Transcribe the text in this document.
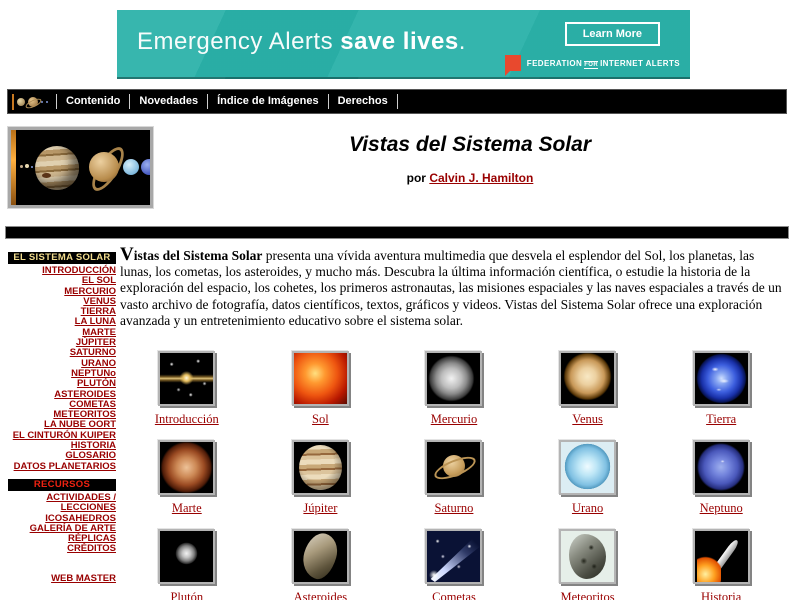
Emergency Alerts save lives.	Learn More
FEDERATION FOR INTERNET ALERTS
Contenido	Novedades	Índice de Imágenes	Derechos
Vistas del Sistema Solar
por Calvin J. Hamilton
EL SISTEMA SOLAR
INTRODUCCIÓN
EL SOL
MERCURIO
VENUS
TIERRA
LA LUNA
MARTE
JÚPITER
SATURNO
URANO
NEPTUNo
PLUTÓN
ASTEROIDES
COMETAS
METEORITOS
LA NUBE OORT
EL CINTURÓN KUIPER
HISTORIA
GLOSARIO
DATOS PLANETARIOS
RECURSOS
ACTIVIDADES / LECCIONES
ICOSAHEDROS
GALERÍA DE ARTE
RÉPLICAS
CRÉDITOS
WEB MASTER

Vistas del Sistema Solar presenta una vívida aventura multimedia que desvela el esplendor del Sol, los planetas, las lunas, los cometas, los asteroides, y mucho más. Descubra la última información científica, o estudie la historia de la exploración del espacio, los cohetes, los primeros astronautas, las misiones espaciales y las naves espaciales a través de un vasto archivo de fotografía, datos científicos, textos, gráficos y videos. Vistas del Sistema Solar ofrece una exploración avanzada y un entretenimiento educativo sobre el sistema solar.

Introducción	Sol	Mercurio	Venus	Tierra
Marte	Júpiter	Saturno	Urano	Neptuno
Plutón	Asteroides	Cometas	Meteoritos	Historia
